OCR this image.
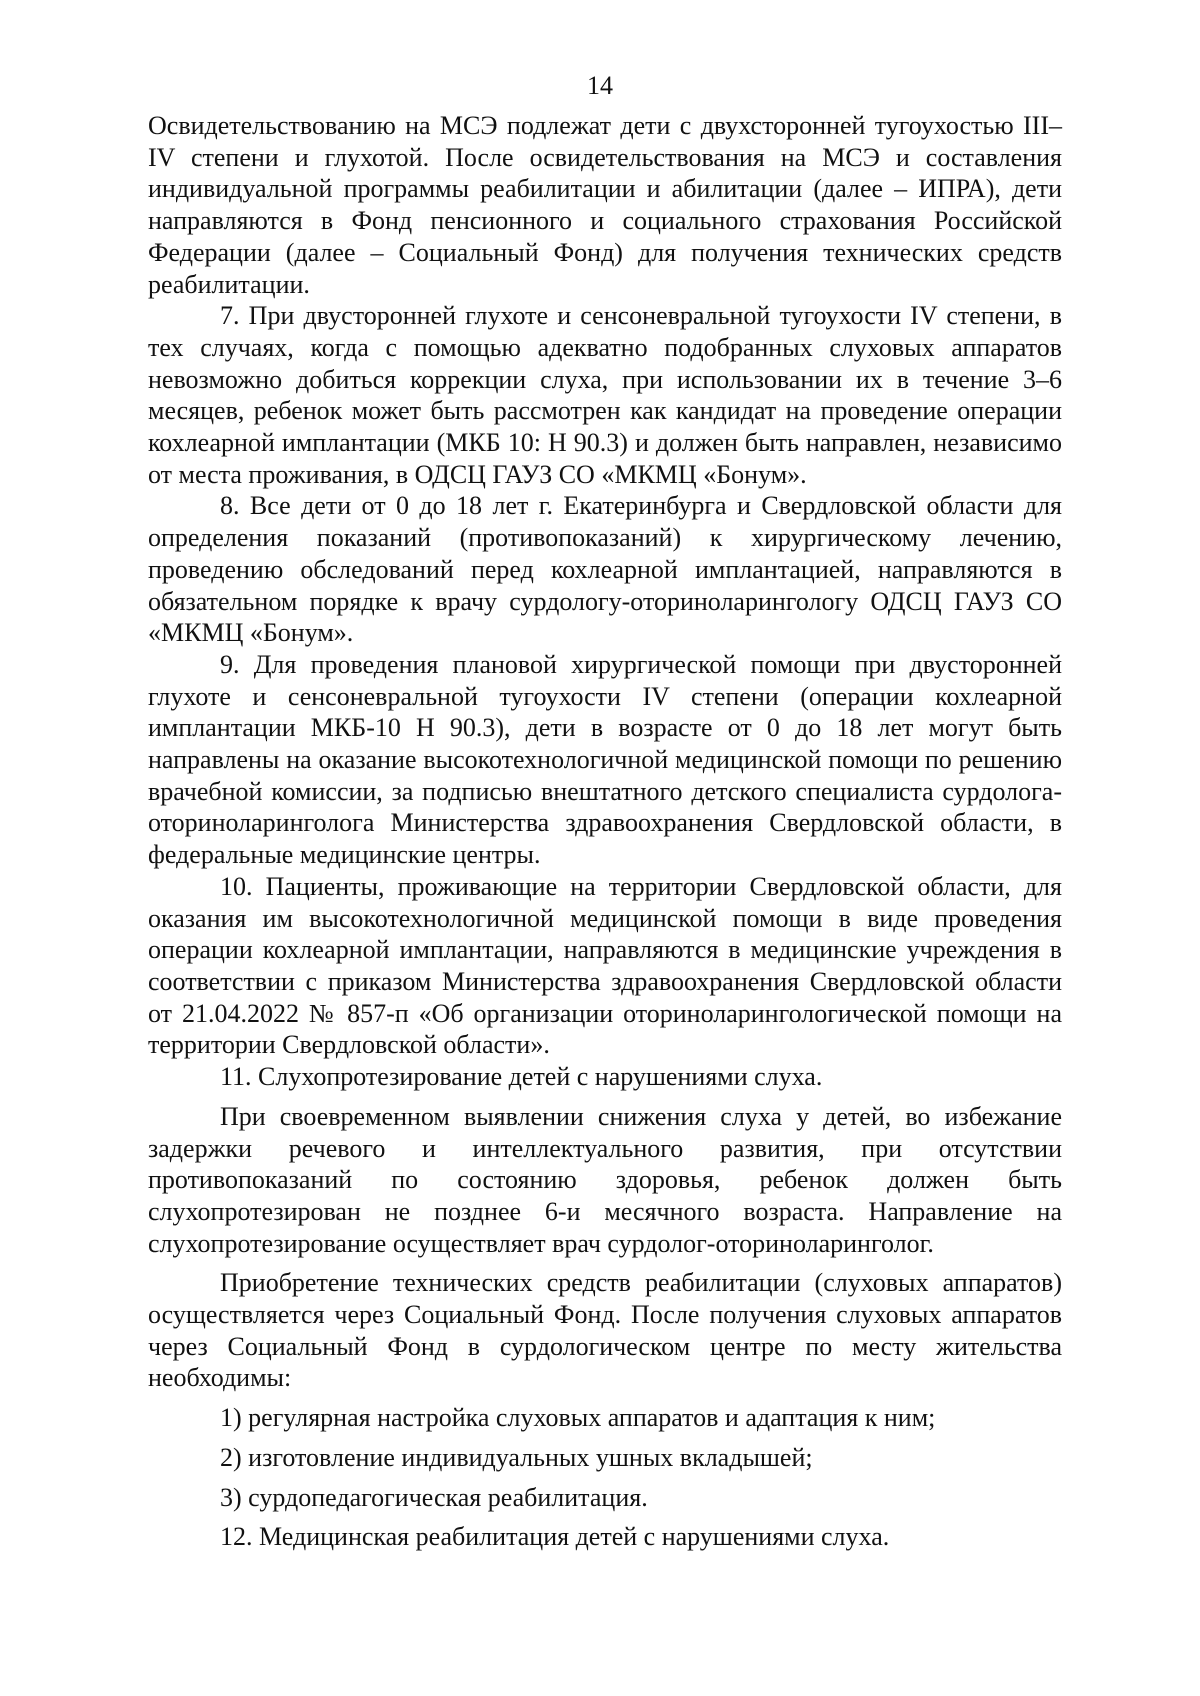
14

Освидетельствованию на МСЭ подлежат дети с двухсторонней тугоухостью III–IV степени и глухотой. После освидетельствования на МСЭ и составления индивидуальной программы реабилитации и абилитации (далее – ИПРА), дети направляются в Фонд пенсионного и социального страхования Российской Федерации (далее – Социальный Фонд) для получения технических средств реабилитации.

7. При двусторонней глухоте и сенсоневральной тугоухости IV степени, в тех случаях, когда с помощью адекватно подобранных слуховых аппаратов невозможно добиться коррекции слуха, при использовании их в течение 3–6 месяцев, ребенок может быть рассмотрен как кандидат на проведение операции кохлеарной имплантации (МКБ 10: Н 90.3) и должен быть направлен, независимо от места проживания, в ОДСЦ ГАУЗ СО «МКМЦ «Бонум».

8. Все дети от 0 до 18 лет г. Екатеринбурга и Свердловской области для определения показаний (противопоказаний) к хирургическому лечению, проведению обследований перед кохлеарной имплантацией, направляются в обязательном порядке к врачу сурдологу-оториноларингологу ОДСЦ ГАУЗ СО «МКМЦ «Бонум».

9. Для проведения плановой хирургической помощи при двусторонней глухоте и сенсоневральной тугоухости IV степени (операции кохлеарной имплантации МКБ-10 Н 90.3), дети в возрасте от 0 до 18 лет могут быть направлены на оказание высокотехнологичной медицинской помощи по решению врачебной комиссии, за подписью внештатного детского специалиста сурдолога-оториноларинголога Министерства здравоохранения Свердловской области, в федеральные медицинские центры.

10. Пациенты, проживающие на территории Свердловской области, для оказания им высокотехнологичной медицинской помощи в виде проведения операции кохлеарной имплантации, направляются в медицинские учреждения в соответствии с приказом Министерства здравоохранения Свердловской области от 21.04.2022 № 857-п «Об организации оториноларингологической помощи на территории Свердловской области».

11. Слухопротезирование детей с нарушениями слуха.

При своевременном выявлении снижения слуха у детей, во избежание задержки речевого и интеллектуального развития, при отсутствии противопоказаний по состоянию здоровья, ребенок должен быть слухопротезирован не позднее 6-и месячного возраста. Направление на слухопротезирование осуществляет врач сурдолог-оториноларинголог.

Приобретение технических средств реабилитации (слуховых аппаратов) осуществляется через Социальный Фонд. После получения слуховых аппаратов через Социальный Фонд в сурдологическом центре по месту жительства необходимы:

1) регулярная настройка слуховых аппаратов и адаптация к ним;

2) изготовление индивидуальных ушных вкладышей;

3) сурдопедагогическая реабилитация.

12. Медицинская реабилитация детей с нарушениями слуха.
